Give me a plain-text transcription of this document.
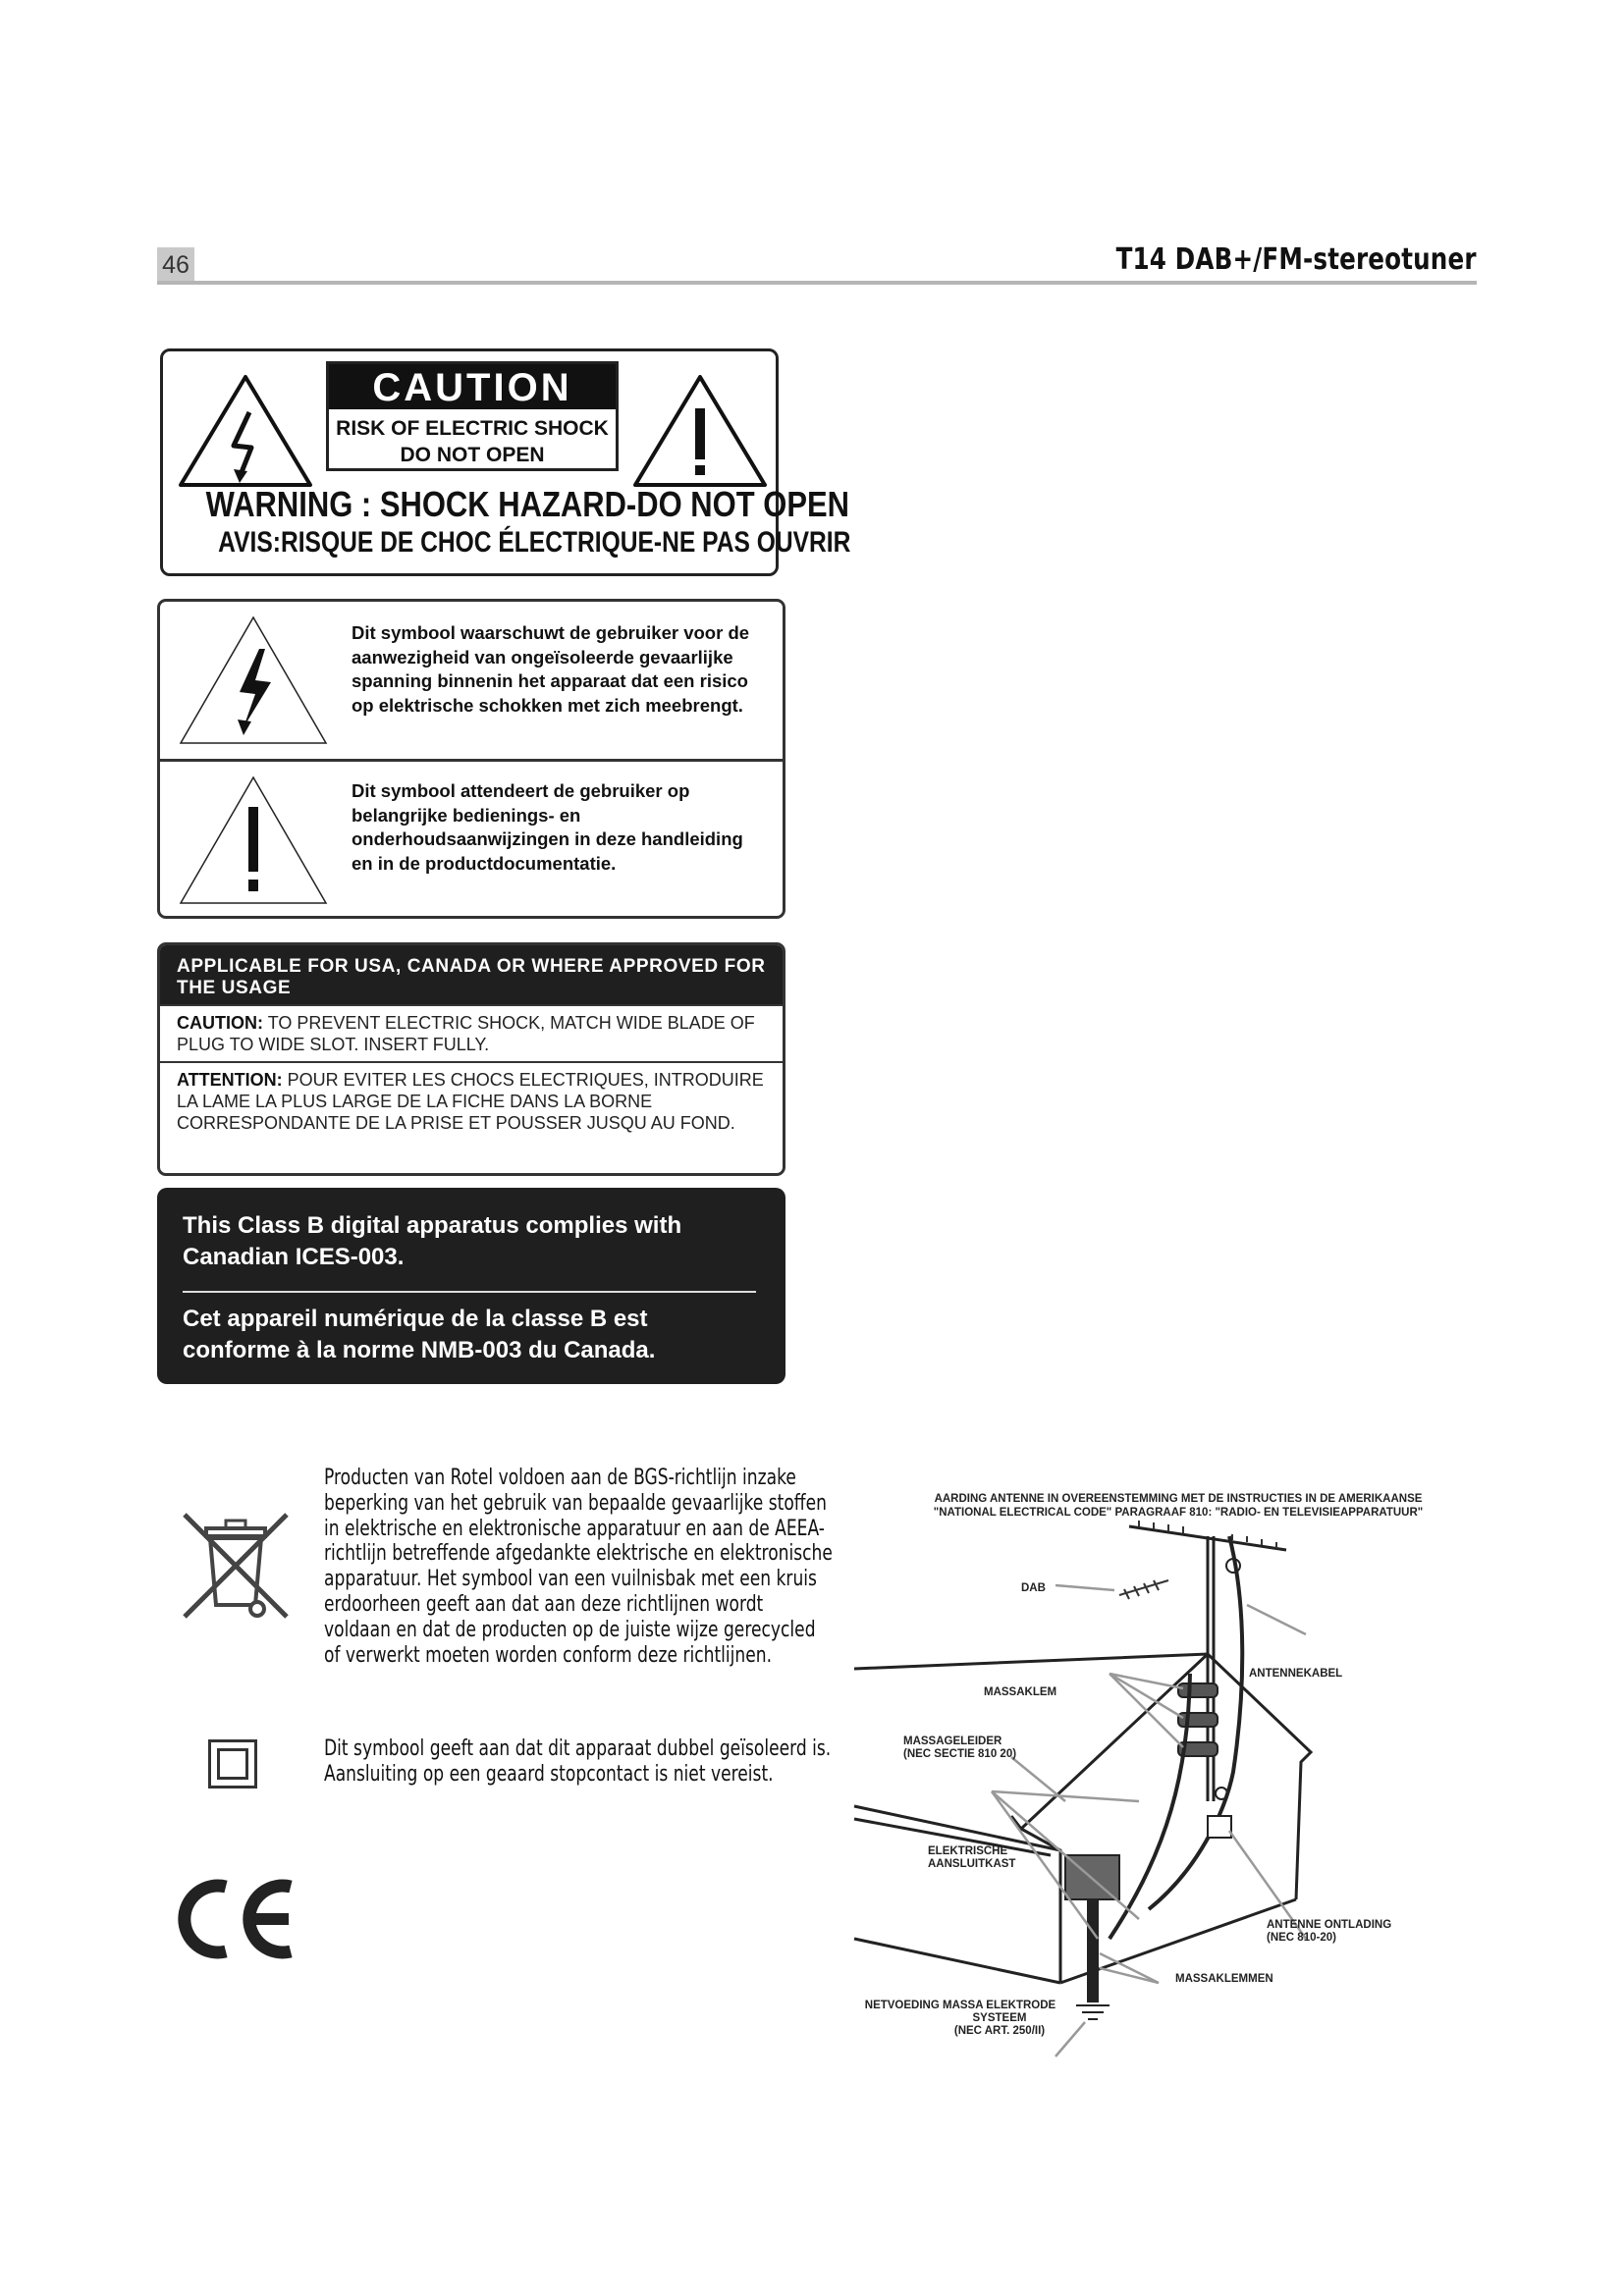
46	T14 DAB+/FM-stereotuner
CAUTION
RISK OF ELECTRIC SHOCK
DO NOT OPEN
WARNING : SHOCK HAZARD-DO NOT OPEN
AVIS:RISQUE DE CHOC ÉLECTRIQUE-NE PAS OUVRIR
Dit symbool waarschuwt de gebruiker voor de aanwezigheid van ongeïsoleerde gevaarlijke spanning binnenin het apparaat dat een risico op elektrische schokken met zich meebrengt.
Dit symbool attendeert de gebruiker op belangrijke bedienings- en onderhoudsaanwijzingen in deze handleiding en in de productdocumentatie.
APPLICABLE FOR USA, CANADA OR WHERE APPROVED FOR THE USAGE
CAUTION: TO PREVENT ELECTRIC SHOCK, MATCH WIDE BLADE OF PLUG TO WIDE SLOT. INSERT FULLY.
ATTENTION: POUR EVITER LES CHOCS ELECTRIQUES, INTRODUIRE LA LAME LA PLUS LARGE DE LA FICHE DANS LA BORNE CORRESPONDANTE DE LA PRISE ET POUSSER JUSQU AU FOND.
This Class B digital apparatus complies with Canadian ICES-003.
Cet appareil numérique de la classe B est conforme à la norme NMB-003 du Canada.
Producten van Rotel voldoen aan de BGS-richtlijn inzake beperking van het gebruik van bepaalde gevaarlijke stoffen in elektrische en elektronische apparatuur en aan de AEEA-richtlijn betreffende afgedankte elektrische en elektronische apparatuur. Het symbool van een vuilnisbak met een kruis erdoorheen geeft aan dat aan deze richtlijnen wordt voldaan en dat de producten op de juiste wijze gerecycled of verwerkt moeten worden conform deze richtlijnen.
Dit symbool geeft aan dat dit apparaat dubbel geïsoleerd is.
Aansluiting op een geaard stopcontact is niet vereist.
AARDING ANTENNE IN OVEREENSTEMMING MET DE INSTRUCTIES IN DE AMERIKAANSE
"NATIONAL ELECTRICAL CODE" PARAGRAAF 810: "RADIO- EN TELEVISIEAPPARATUUR"
DAB
ANTENNEKABEL
MASSAKLEM
MASSAGELEIDER
(NEC SECTIE 810 20)
ELEKTRISCHE
AANSLUITKAST
ANTENNE ONTLADING
(NEC 810-20)
MASSAKLEMMEN
NETVOEDING MASSA ELEKTRODE
SYSTEEM
(NEC ART. 250/II)
